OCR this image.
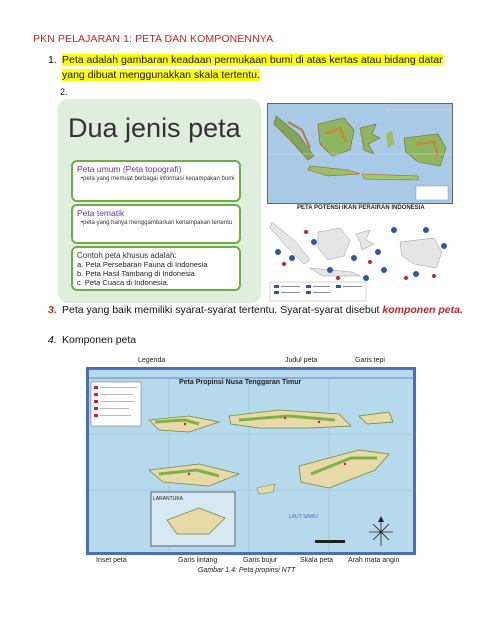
PKN PELAJARAN 1: PETA DAN KOMPONENNYA
1. Peta adalah gambaran keadaan permukaan bumi di atas kertas atau bidang datar yang dibuat menggunakkan skala tertentu.
2.
Dua jenis peta
Peta umum (Peta topografi)
•peta yang memuat berbagai informasi kenampakan bumi
Peta tematik
•peta yang hanya menggambarkan kenampakan tertentu
Contoh peta khusus adalah:
a. Peta Persebaran Fauna di Indonesia
b. Peta Hasil Tambang di Indonesia
c. Peta Cuaca di Indonesia.
PETA POTENSI IKAN PERAIRAN INDONESIA
3. Peta yang baik memiliki syarat-syarat tertentu. Syarat-syarat disebut komponen peta.
4. Komponen peta
Legenda	Judul peta	Garis tepi
LARANTUKA
LAUT SAWU
Peta Propinsi Nusa Tenggaran Timur
Inset peta	Garis lintang	Garis bujur	Skala peta Arah mata angin
Gambar 1.4: Peta propinsi NTT
